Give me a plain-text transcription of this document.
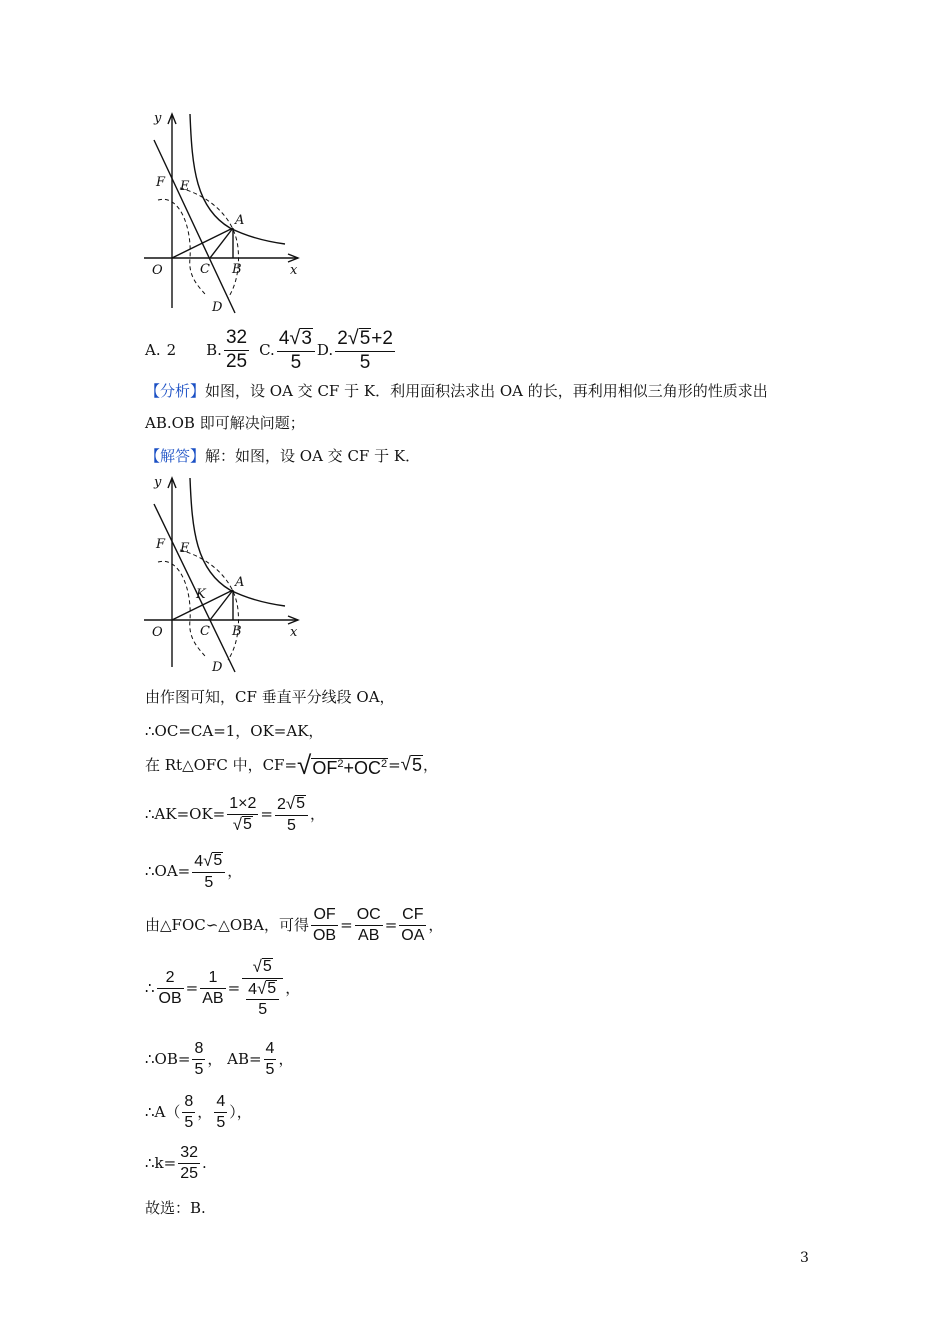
y
x
O
F E
A
B
C
D
A. 2 B. $\frac{32}{25} C$. $\frac{4 √ 3}{5} D$. $\frac{2 √ 5 +2}{5}$
【分析】 如图，设 OA 交 CF 于 K．利用面积法求出 OA 的长，再利用相似三角形的性质求出
AB.OB 即可解决问题；
【解答】 解：如图，设 OA 交 CF 于 K．
y
x
O
F E
K
A
B
C
D
由作图可知，CF 垂直平分线段 OA，
∴OC=CA=1，OK=AK，
在 Rt△OFC 中，CF= √ $OF^2+OC^2$ = √ 5 ，
∴AK=OK= $\frac{1\times 2}{√ 5} = \frac{2 √ 5}{5}$ ，
∴OA= $\frac{4 √ 5}{5}$ ，
由△FOC∽△OBA，可得 $\frac{OF}{OB} = \frac{OC}{AB} = \frac{CF}{OA}$ ，
∴ $\frac{2}{OB} = \frac{1}{AB} = \frac{√ 5}{\frac{4 √ 5}{5}}$ ，
∴OB= $\frac{8}{5}$ ， $AB= \frac{4}{5}$ ，
∴A（ $\frac{8}{5}$ ， $\frac{4}{5}$ ），
∴k= $\frac{32}{25}$ .
故选：B.
3
